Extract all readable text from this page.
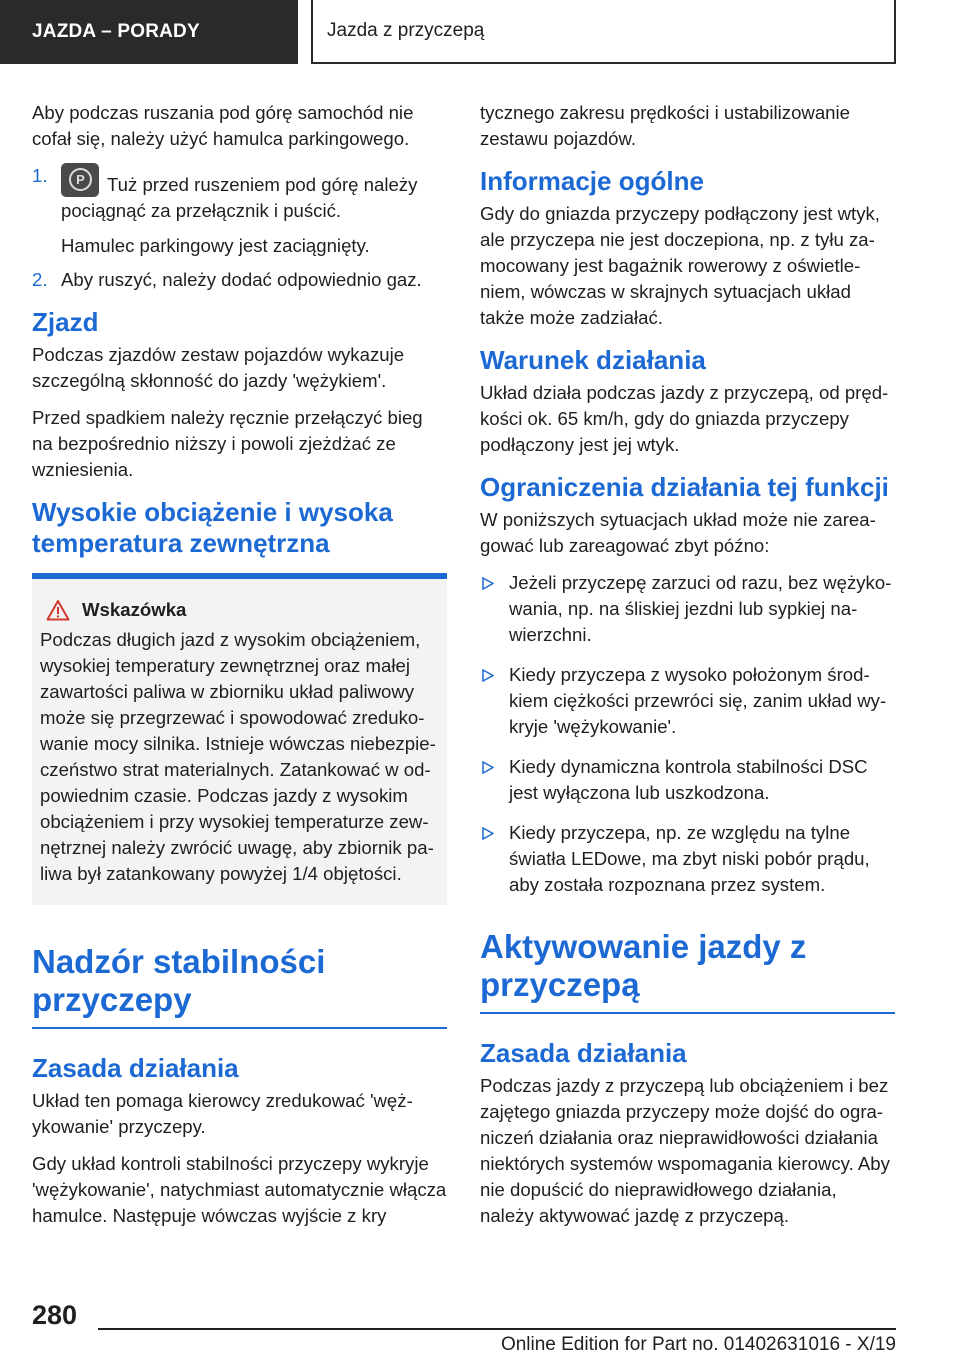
JAZDA – PORADY	Jazda z przyczepą

Aby podczas ruszania pod górę samochód nie cofał się, należy użyć hamulca parkingowego.

1.	P	Tuż przed ruszeniem pod górę należy pociągnąć za przełącznik i puścić.
Hamulec parkingowy jest zaciągnięty.
2. Aby ruszyć, należy dodać odpowiednio gaz.
Zjazd

Podczas zjazdów zestaw pojazdów wykazuje szczególną skłonność do jazdy 'wężykiem'.

Przed spadkiem należy ręcznie przełączyć bieg na bezpośrednio niższy i powoli zjeżdżać ze wzniesienia.

Wysokie obciążenie i wysoka temperatura zewnętrzna
Wskazówka

Podczas długich jazd z wysokim obciążeniem, wysokiej temperatury zewnętrznej oraz małej zawartości paliwa w zbiorniku układ paliwowy może się przegrzewać i spowodować zredukowanie mocy silnika. Istnieje wówczas niebezpieczeństwo strat materialnych. Zatankować w odpowiednim czasie. Podczas jazdy z wysokim obciążeniem i przy wysokiej temperaturze zewnętrznej należy zwrócić uwagę, aby zbiornik paliwa był zatankowany powyżej 1/4 objętości.

Nadzór stabilności przyczepy
Zasada działania

Układ ten pomaga kierowcy zredukować 'wężykowanie' przyczepy.

Gdy układ kontroli stabilności przyczepy wykryje 'wężykowanie', natychmiast automatycznie włącza hamulce. Następuje wówczas wyjście z kry

tycznego zakresu prędkości i ustabilizowanie zestawu pojazdów.

Informacje ogólne

Gdy do gniazda przyczepy podłączony jest wtyk, ale przyczepa nie jest doczepiona, np. z tyłu zamocowany jest bagażnik rowerowy z oświetleniem, wówczas w skrajnych sytuacjach układ także może zadziałać.

Warunek działania

Układ działa podczas jazdy z przyczepą, od prędkości ok. 65 km/h, gdy do gniazda przyczepy podłączony jest jej wtyk.

Ograniczenia działania tej funkcji

W poniższych sytuacjach układ może nie zareagować lub zareagować zbyt późno:

Jeżeli przyczepę zarzuci od razu, bez wężykowania, np. na śliskiej jezdni lub sypkiej nawierzchni.
Kiedy przyczepa z wysoko położonym środkiem ciężkości przewróci się, zanim układ wykryje 'wężykowanie'.
Kiedy dynamiczna kontrola stabilności DSC jest wyłączona lub uszkodzona.
Kiedy przyczepa, np. ze względu na tylne światła LEDowe, ma zbyt niski pobór prądu, aby została rozpoznana przez system.
Aktywowanie jazdy z przyczepą
Zasada działania

Podczas jazdy z przyczepą lub obciążeniem i bez zajętego gniazda przyczepy może dojść do ograniczeń działania oraz nieprawidłowości działania niektórych systemów wspomagania kierowcy. Aby nie dopuścić do nieprawidłowego działania, należy aktywować jazdę z przyczepą.

280
Online Edition for Part no. 01402631016 - X/19
